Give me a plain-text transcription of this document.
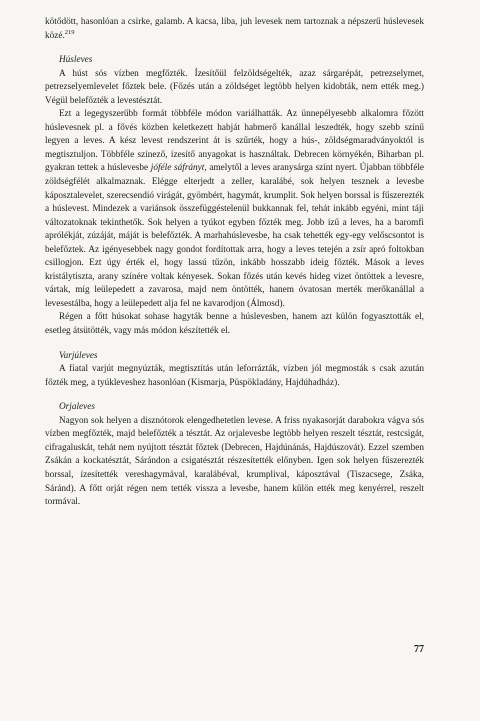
kötődött, hasonlóan a csirke, galamb. A kacsa, liba, juh levesek nem tartoznak a népszerű húslevesek közé.$^{219}$

Húsleves

A húst sós vízben megfőzték. Ízesítőül felzöldségelték, azaz sárgarépát, petrezselymet, petrezselyemlevelet főztek bele. (Főzés után a zöldséget legtöbb helyen kidobták, nem ették meg.) Végül belefőzték a levestésztát.

Ezt a legegyszerűbb formát többféle módon variálhatták. Az ünnepélyesebb alkalomra főzött húslevesnek pl. a fővés közben keletkezett habját habmerő kanállal leszedték, hogy szebb színű legyen a leves. A kész levest rendszerint át is szűrték, hogy a hús-, zöldségmaradványoktól is megtisztuljon. Többféle színező, ízesítő anyagokat is használtak. Debrecen környékén, Biharban pl. gyakran tettek a húslevesbe jóféle sáfrányt, amelytől a leves aranysárga színt nyert. Újabban többféle zöldségfélét alkalmaznak. Elégge elterjedt a zeller, karalábé, sok helyen tesznek a levesbe káposztalevelet, szerecsendió virágát, gyömbért, hagymát, krumplit. Sok helyen borssal is fűszerezték a húslevest. Mindezek a variánsok összefüggéstelenül bukkannak fel, tehát inkább egyéni, mint táji változatoknak tekinthetők. Sok helyen a tyúkot egyben főzték meg. Jobb ízű a leves, ha a baromfi aprólékját, zúzáját, máját is belefőzték. A marhahúslevesbe, ha csak tehették egy-egy velőscsontot is belefőztek. Az igényesebbek nagy gondot fordítottak arra, hogy a leves tetején a zsír apró foltokban csillogjon. Ezt úgy érték el, hogy lassú tűzön, inkább hosszabb ideig főzték. Mások a leves kristálytiszta, arany színére voltak kényesek. Sokan főzés után kevés hideg vizet öntöttek a levesre, vártak, míg leülepedett a zavarosa, majd nem öntötték, hanem óvatosan merték merőkanállal a levesestálba, hogy a leülepedett alja fel ne kavarodjon (Álmosd).

Régen a főtt húsokat sohase hagyták benne a húslevesben, hanem azt külön fogyasztották el, esetleg átsütötték, vagy más módon készítették el.

Varjúleves

A fiatal varjút megnyúzták, megtisztítás után leforrázták, vízben jól megmosták s csak azután főzték meg, a tyúkleveshez hasonlóan (Kismarja, Püspökladány, Hajdúhadház).

Orjaleves

Nagyon sok helyen a disznótorok elengedhetetlen levese. A friss nyakasorját darabokra vágva sós vízben megfőzték, majd belefőzték a tésztát. Az orjalevesbe legtöbb helyen reszelt tésztát, restcsigát, cifragaluskát, tehát nem nyújtott tésztát főztek (Debrecen, Hajdúnánás, Hajdúszovát). Ezzel szemben Zsákán a kockatésztát, Sárándon a csigatésztát részesítették előnyben. Igen sok helyen fűszerezték borssal, ízesítették vereshagymával, karalábéval, krumplival, káposztával (Tiszacsege, Zsáka, Sáránd). A főtt orját régen nem tették vissza a levesbe, hanem külön ették meg kenyérrel, reszelt tormával.

77
